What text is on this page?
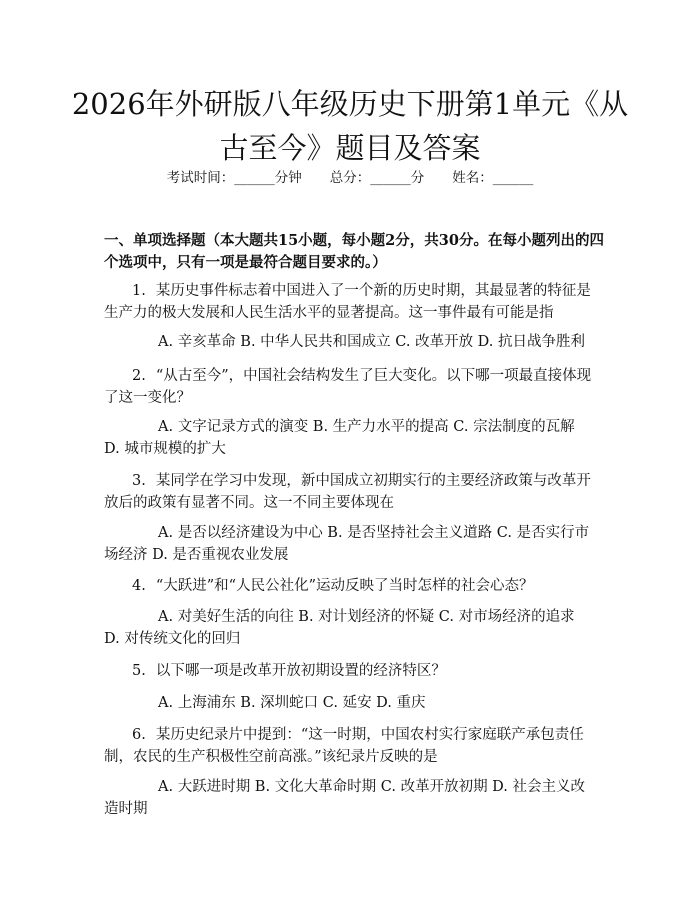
2026年外研版八年级历史下册第1单元《从古至今》题目及答案
考试时间：______分钟 总分：______分 姓名：______

一、单项选择题（本大题共15小题，每小题2分，共30分。在每小题列出的四个选项中，只有一项是最符合题目要求的。）

1. 某历史事件标志着中国进入了一个新的历史时期，其最显著的特征是生产力的极大发展和人民生活水平的显著提高。这一事件最有可能是指

A. 辛亥革命 B. 中华人民共和国成立 C. 改革开放 D. 抗日战争胜利

2. “从古至今”，中国社会结构发生了巨大变化。以下哪一项最直接体现了这一变化？

A. 文字记录方式的演变 B. 生产力水平的提高 C. 宗法制度的瓦解 D. 城市规模的扩大

3. 某同学在学习中发现，新中国成立初期实行的主要经济政策与改革开放后的政策有显著不同。这一不同主要体现在

A. 是否以经济建设为中心 B. 是否坚持社会主义道路 C. 是否实行市场经济 D. 是否重视农业发展

4. “大跃进”和“人民公社化”运动反映了当时怎样的社会心态？

A. 对美好生活的向往 B. 对计划经济的怀疑 C. 对市场经济的追求 D. 对传统文化的回归

5. 以下哪一项是改革开放初期设置的经济特区？

A. 上海浦东 B. 深圳蛇口 C. 延安 D. 重庆

6. 某历史纪录片中提到：“这一时期，中国农村实行家庭联产承包责任制，农民的生产积极性空前高涨。”该纪录片反映的是

A. 大跃进时期 B. 文化大革命时期 C. 改革开放初期 D. 社会主义改造时期
